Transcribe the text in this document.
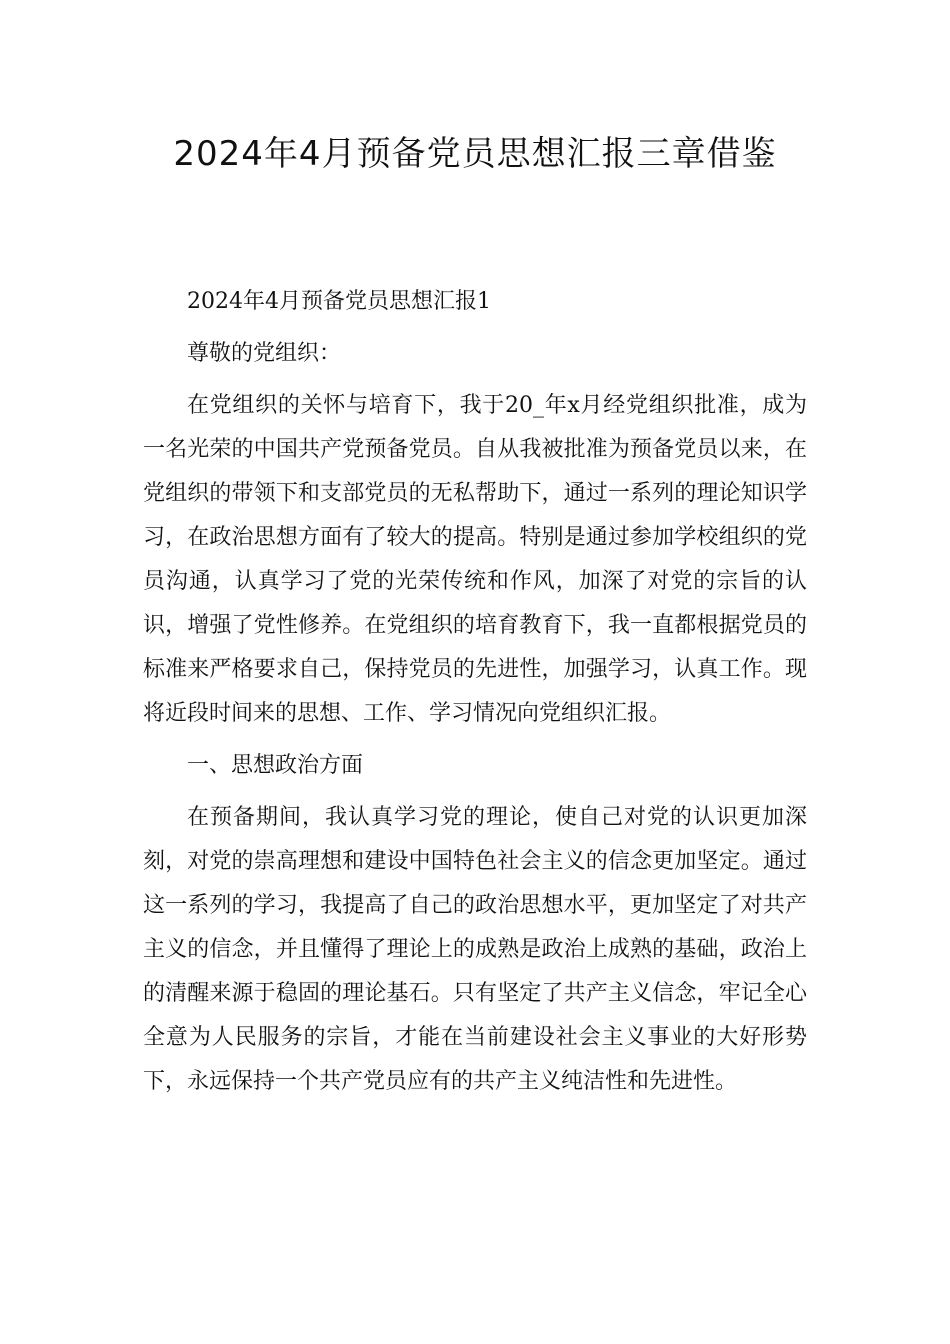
2024年4月预备党员思想汇报三章借鉴

2024年4月预备党员思想汇报1

尊敬的党组织：

在党组织的关怀与培育下，我于20_年x月经党组织批准，成为一名光荣的中国共产党预备党员。自从我被批准为预备党员以来，在党组织的带领下和支部党员的无私帮助下，通过一系列的理论知识学习，在政治思想方面有了较大的提高。特别是通过参加学校组织的党员沟通，认真学习了党的光荣传统和作风，加深了对党的宗旨的认识，增强了党性修养。在党组织的培育教育下，我一直都根据党员的标准来严格要求自己，保持党员的先进性，加强学习，认真工作。现将近段时间来的思想、工作、学习情况向党组织汇报。

一、思想政治方面

在预备期间，我认真学习党的理论，使自己对党的认识更加深刻，对党的崇高理想和建设中国特色社会主义的信念更加坚定。通过这一系列的学习，我提高了自己的政治思想水平，更加坚定了对共产主义的信念，并且懂得了理论上的成熟是政治上成熟的基础，政治上的清醒来源于稳固的理论基石。只有坚定了共产主义信念，牢记全心全意为人民服务的宗旨，才能在当前建设社会主义事业的大好形势下，永远保持一个共产党员应有的共产主义纯洁性和先进性。
